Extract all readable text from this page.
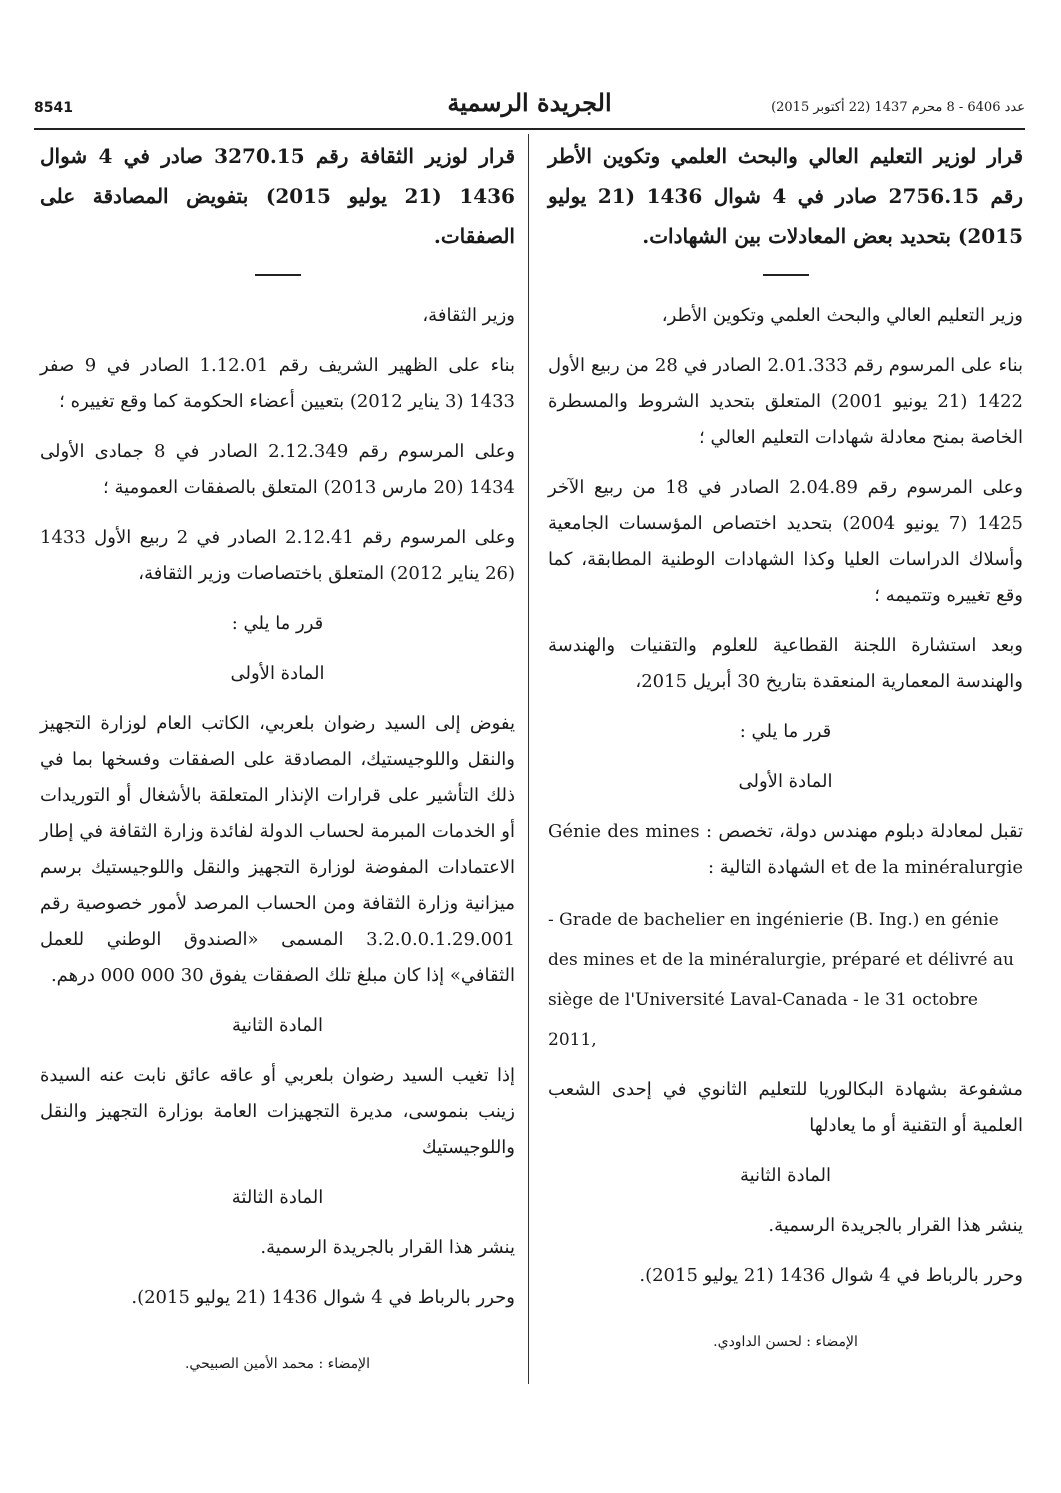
8541	الجريدة الرسمية	عدد 6406 - 8 محرم 1437 (22 أكتوبر 2015)
قرار لوزير التعليم العالي والبحث العلمي وتكوين الأطر رقم 2756.15 صادر في 4 شوال 1436 (21 يوليو 2015) بتحديد بعض المعادلات بين الشهادات.

وزير التعليم العالي والبحث العلمي وتكوين الأطر،

بناء على المرسوم رقم 2.01.333 الصادر في 28 من ربيع الأول 1422 (21 يونيو 2001) المتعلق بتحديد الشروط والمسطرة الخاصة بمنح معادلة شهادات التعليم العالي ؛

وعلى المرسوم رقم 2.04.89 الصادر في 18 من ربيع الآخر 1425 (7 يونيو 2004) بتحديد اختصاص المؤسسات الجامعية وأسلاك الدراسات العليا وكذا الشهادات الوطنية المطابقة، كما وقع تغييره وتتميمه ؛

وبعد استشارة اللجنة القطاعية للعلوم والتقنيات والهندسة والهندسة المعمارية المنعقدة بتاريخ 30 أبريل 2015،

قرر ما يلي :

المادة الأولى

تقبل لمعادلة دبلوم مهندس دولة، تخصص : Génie des mines et de la minéralurgie الشهادة التالية :

- Grade de bachelier en ingénierie (B. Ing.) en génie des mines et de la minéralurgie, préparé et délivré au siège de l'Université Laval-Canada - le 31 octobre 2011,

مشفوعة بشهادة البكالوريا للتعليم الثانوي في إحدى الشعب العلمية أو التقنية أو ما يعادلها

المادة الثانية

ينشر هذا القرار بالجريدة الرسمية.

وحرر بالرباط في 4 شوال 1436 (21 يوليو 2015).

الإمضاء : لحسن الداودي.
قرار لوزير الثقافة رقم 3270.15 صادر في 4 شوال 1436 (21 يوليو 2015) بتفويض المصادقة على الصفقات.

وزير الثقافة،

بناء على الظهير الشريف رقم 1.12.01 الصادر في 9 صفر 1433 (3 يناير 2012) بتعيين أعضاء الحكومة كما وقع تغييره ؛

وعلى المرسوم رقم 2.12.349 الصادر في 8 جمادى الأولى 1434 (20 مارس 2013) المتعلق بالصفقات العمومية ؛

وعلى المرسوم رقم 2.12.41 الصادر في 2 ربيع الأول 1433 (26 يناير 2012) المتعلق باختصاصات وزير الثقافة،

قرر ما يلي :

المادة الأولى

يفوض إلى السيد رضوان بلعربي، الكاتب العام لوزارة التجهيز والنقل واللوجيستيك، المصادقة على الصفقات وفسخها بما في ذلك التأشير على قرارات الإنذار المتعلقة بالأشغال أو التوريدات أو الخدمات المبرمة لحساب الدولة لفائدة وزارة الثقافة في إطار الاعتمادات المفوضة لوزارة التجهيز والنقل واللوجيستيك برسم ميزانية وزارة الثقافة ومن الحساب المرصد لأمور خصوصية رقم 3.2.0.0.1.29.001 المسمى «الصندوق الوطني للعمل الثقافي» إذا كان مبلغ تلك الصفقات يفوق 30 000 000 درهم.

المادة الثانية

إذا تغيب السيد رضوان بلعربي أو عاقه عائق نابت عنه السيدة زينب بنموسى، مديرة التجهيزات العامة بوزارة التجهيز والنقل واللوجيستيك

المادة الثالثة

ينشر هذا القرار بالجريدة الرسمية.

وحرر بالرباط في 4 شوال 1436 (21 يوليو 2015).

الإمضاء : محمد الأمين الصبيحي.
